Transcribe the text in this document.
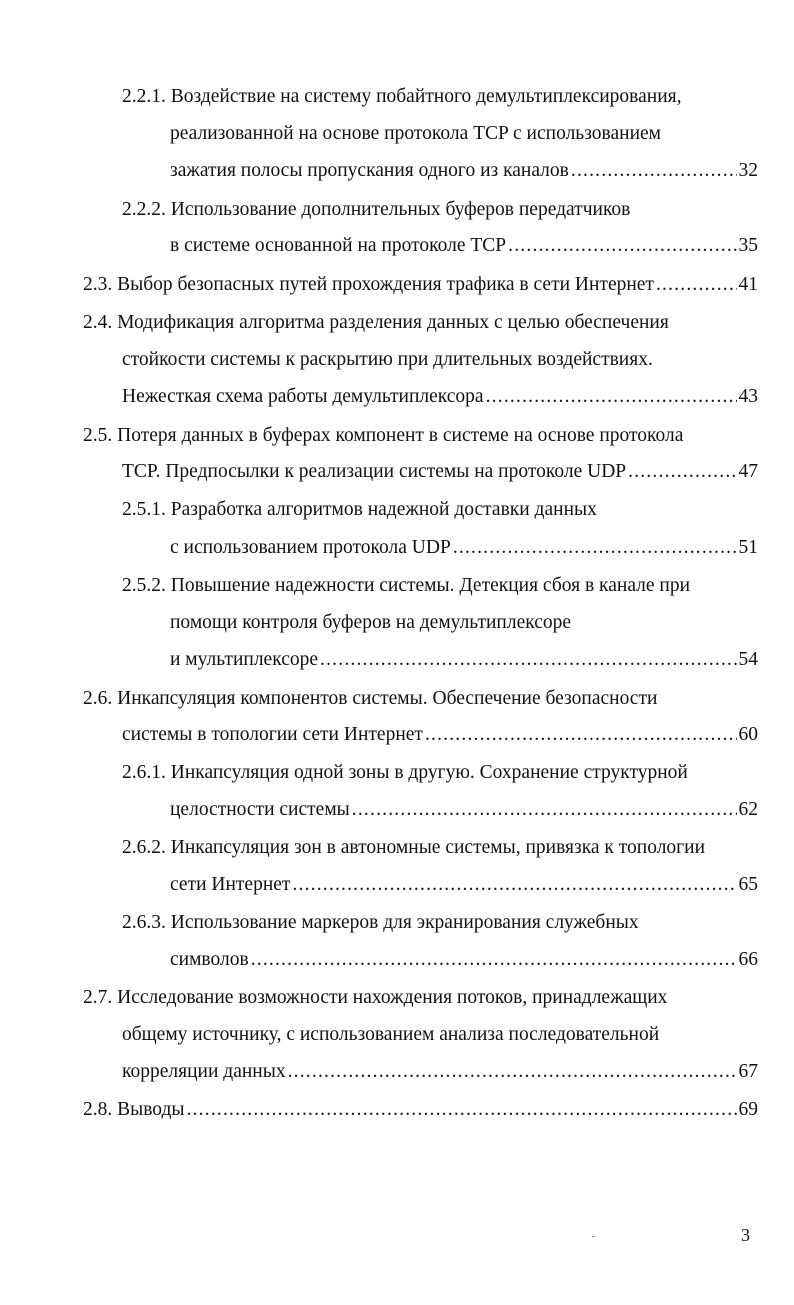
2.2.1. Воздействие на систему побайтного демультиплексирования,
реализованной на основе протокола TCP с использованием
зажатия полосы пропускания одного из каналов .....	32
2.2.2. Использование дополнительных буферов передатчиков
в системе основанной на протоколе TCP .....	35
2.3. Выбор безопасных путей прохождения трафика в сети Интернет .....	41
2.4. Модификация алгоритма разделения данных с целью обеспечения
стойкости системы к раскрытию при длительных воздействиях.
Нежесткая схема работы демультиплексора .....	43
2.5. Потеря данных в буферах компонент в системе на основе протокола
TCP. Предпосылки к реализации системы на протоколе UDP .....	47
2.5.1. Разработка алгоритмов надежной доставки данных
с использованием протокола UDP .....	51
2.5.2. Повышение надежности системы. Детекция сбоя в канале при
помощи контроля буферов на демультиплексоре
и мультиплексоре .....	54
2.6. Инкапсуляция компонентов системы. Обеспечение безопасности
системы в топологии сети Интернет .....	60
2.6.1. Инкапсуляция одной зоны в другую. Сохранение структурной
целостности системы .....	62
2.6.2. Инкапсуляция зон в автономные системы, привязка к топологии
сети Интернет .....	65
2.6.3. Использование маркеров для экранирования служебных
символов .....	66
2.7. Исследование возможности нахождения потоков, принадлежащих
общему источнику, с использованием анализа последовательной
корреляции данных .....	67
2.8. Выводы .....	69
3
